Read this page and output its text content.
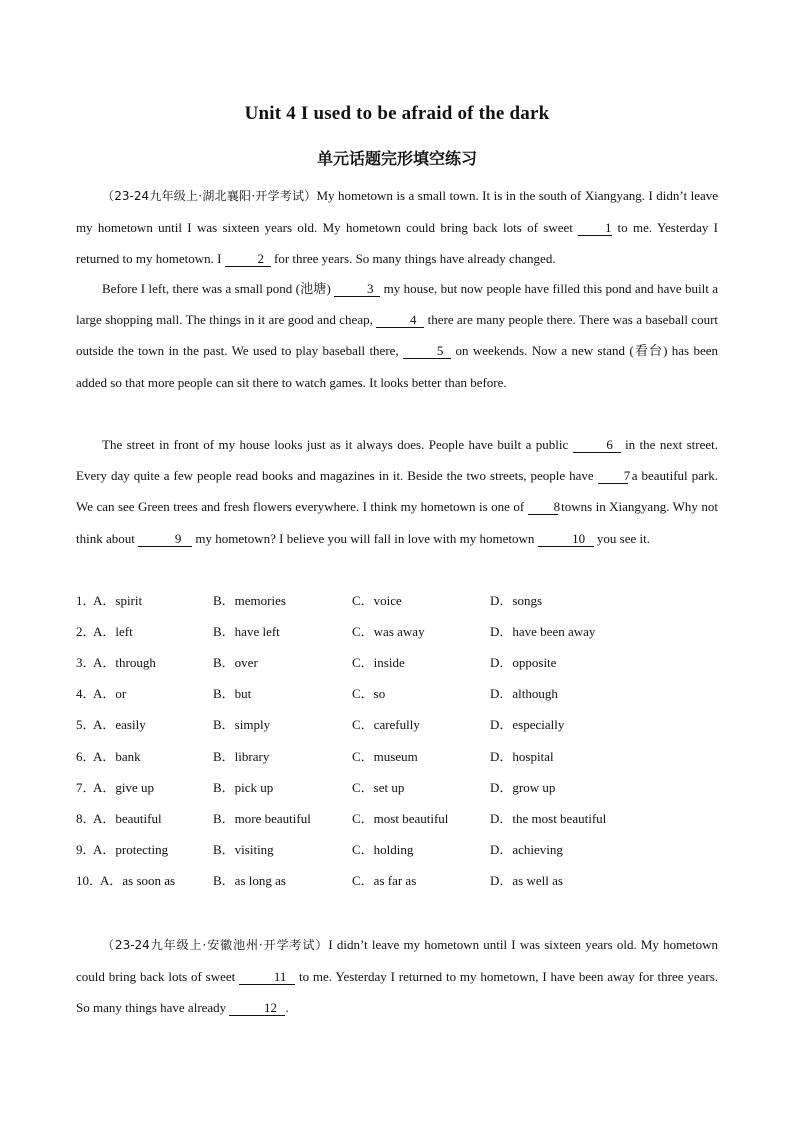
Unit 4 I used to be afraid of the dark
单元话题完形填空练习
（23-24九年级上·湖北襄阳·开学考试）My hometown is a small town. It is in the south of Xiangyang. I didn’t leave my hometown until I was sixteen years old. My hometown could bring back lots of sweet 1 to me. Yesterday I returned to my hometown. I	2 for three years. So many things have already changed.
Before I left, there was a small pond (池塘)	3 my house, but now people have filled this pond and have built a large shopping mall. The things in it are good and cheap,	4 there are many people there. There was a baseball court outside the town in the past. We used to play baseball there,	5 on weekends. Now a new stand (看台) has been added so that more people can sit there to watch games. It looks better than before.
The street in front of my house looks just as it always does. People have built a public	6 in the next street. Every day quite a few people read books and magazines in it. Beside the two streets, people have 7 a beautiful park. We can see Green trees and fresh flowers everywhere. I think my hometown is one of 8 towns in Xiangyang. Why not think about	9 my hometown? I believe you will fall in love with my hometown	10 you see it.
1．
A．spirit	B．memories	C．voice	D．songs
2．
A．left	B．have left	C．was away	D．have been away
3．
A．through	B．over	C．inside	D．opposite
4．
A．or	B．but	C．so	D．although
5．
A．easily	B．simply	C．carefully	D．especially
6．
A．bank	B．library	C．museum	D．hospital
7．
A．give up	B．pick up	C．set up	D．grow up
8．
A．beautiful	B．more beautiful	C．most beautiful	D．the most beautiful
9．
A．protecting	B．visiting	C．holding	D．achieving
10．
A．as soon as	B．as long as	C．as far as	D．as well as
（23-24九年级上·安徽池州·开学考试）I didn’t leave my hometown until I was sixteen years old. My hometown could bring back lots of sweet	11 to me. Yesterday I returned to my hometown, I have been away for three years. So many things have already	12 .
